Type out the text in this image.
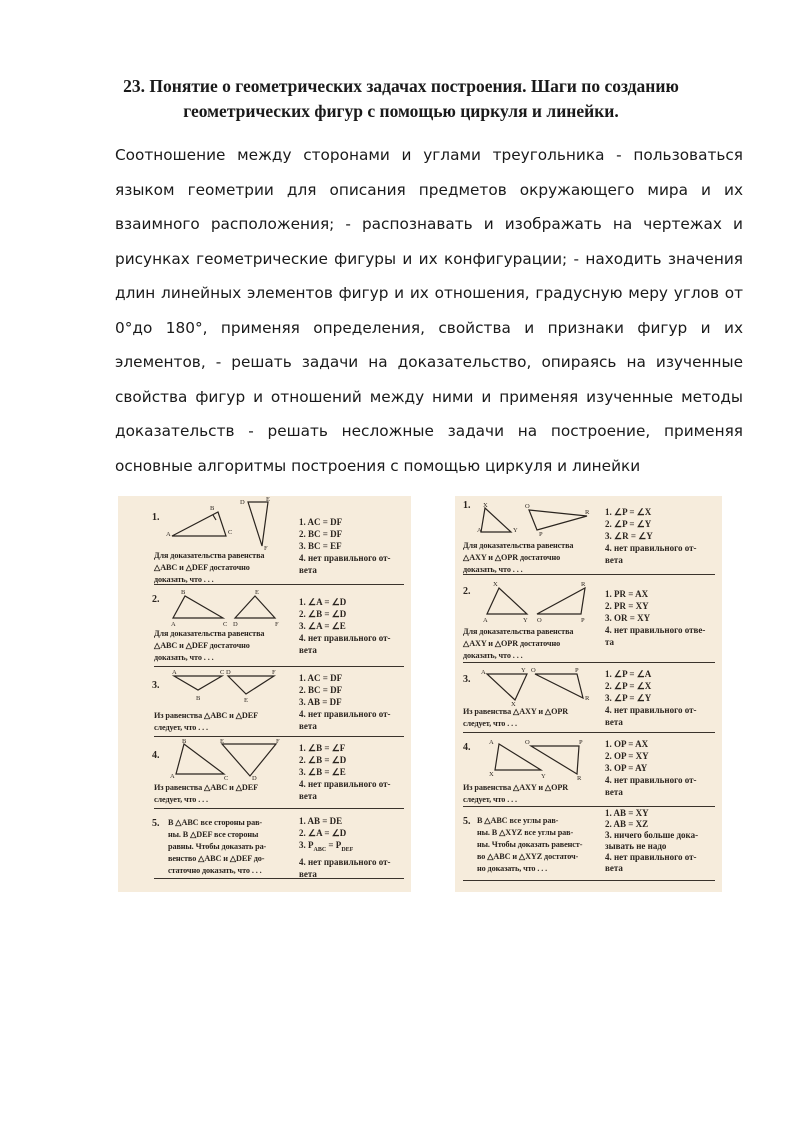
23. Понятие о геометрических задачах построения. Шаги по созданию
геометрических фигур с помощью циркуля и линейки.
Соотношение между сторонами и углами треугольника - пользоваться
языком геометрии для описания предметов окружающего мира и их
взаимного расположения; - распознавать и изображать на чертежах и
рисунках геометрические фигуры и их конфигурации; - находить значения
длин линейных элементов фигур и их отношения, градусную меру углов от
0°до 180°, применяя определения, свойства и признаки фигур и их
элементов, - решать задачи на доказательство, опираясь на изученные
свойства фигур и отношений между ними и применяя изученные методы
доказательств - решать несложные задачи на построение, применяя
основные алгоритмы построения с помощью циркуля и линейки
1.
A
B
C
D	E
F
Для доказательства равенства
△ABC и △DEF достаточно
доказать, что . . .
1. AC = DF
2. BC = DF
3. BC = EF
4. нет правильного от-
вета
2.
A
B
C D
E
F
Для доказательства равенства
△ABC и △DEF достаточно
доказать, что . . .
1. ∠A = ∠D
2. ∠B = ∠D
3. ∠A = ∠E
4. нет правильного от-
вета
3.
A	C D	F
B	E
Из равенства △ABC и △DEF
следует, что . . .
1. AC = DF
2. BC = DF
3. AB = DF
4. нет правильного от-
вета
4.
B	E	F
A	C	D
Из равенства △ABC и △DEF
следует, что . . .
1. ∠B = ∠F
2. ∠B = ∠D
3. ∠B = ∠E
4. нет правильного от-
вета
5. В △ABC все стороны рав-
ны. В △DEF все стороны
равны. Чтобы доказать ра-
венство △ABC и △DEF до-
статочно доказать, что . . .
1. AB = DE
2. ∠A = ∠D
3. $P_{ABC} = P_{DEF}$
4. нет правильного от-
вета
1. X	O
R
A	Y
P
Для доказательства равенства
△AXY и △OPR достаточно
доказать, что . . .
1. ∠P = ∠X
2. ∠P = ∠Y
3. ∠R = ∠Y
4. нет правильного от-
вета
2.
X	R
A	Y O	P
Для доказательства равенства
△AXY и △OPR достаточно
доказать, что . . .
1. PR = AX
2. PR = XY
3. OR = XY
4. нет правильного отве-
та
3.
A	Y O	P
X
R
Из равенства △AXY и △OPR
следует, что . . .
1. ∠P = ∠A
2. ∠P = ∠X
3. ∠P = ∠Y
4. нет правильного от-
вета
4.	A	O	P
X	Y	R
Из равенства △AXY и △OPR
следует, что . . .
1. OP = AX
2. OP = XY
3. OP = AY
4. нет правильного от-
вета
5. В △ABC все углы рав-
ны. В △XYZ все углы рав-
ны. Чтобы доказать равенст-
во △ABC и △XYZ достаточ-
но доказать, что . . .
1. AB = XY
2. AB = XZ
3. ничего больше дока-
зывать не надо
4. нет правильного от-
вета
